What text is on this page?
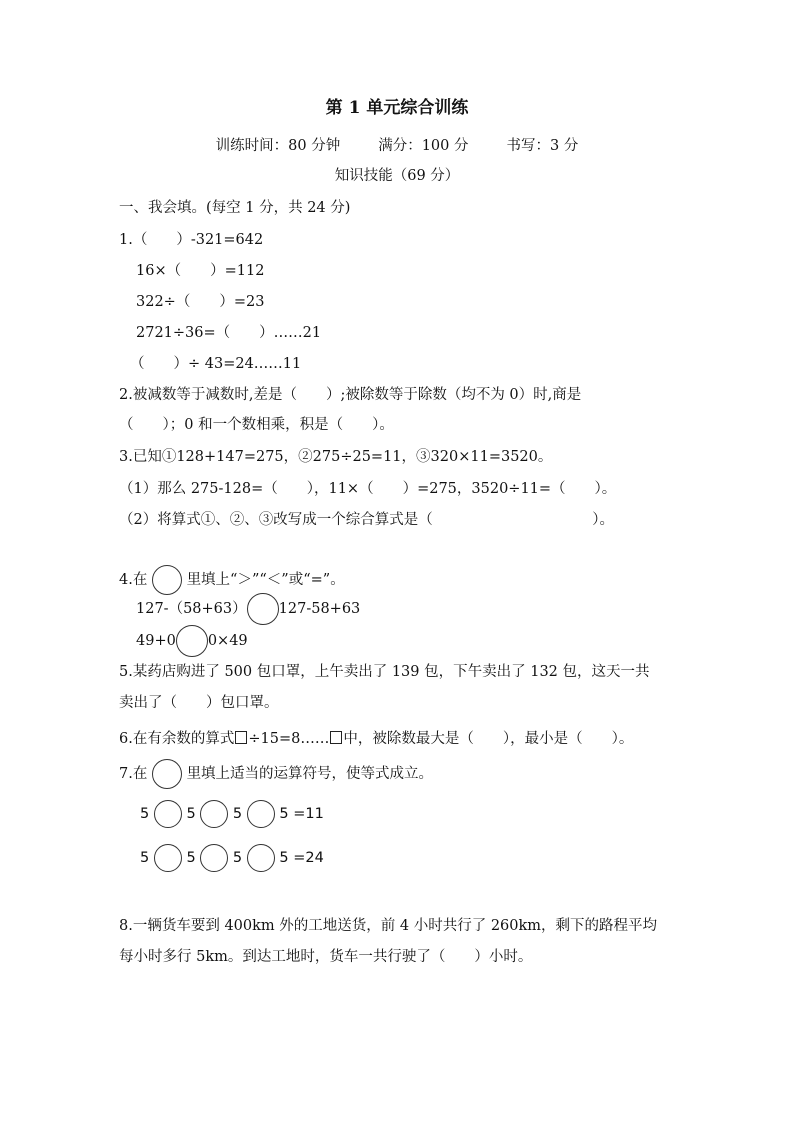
第 1 单元综合训练
训练时间：80 分钟	满分：100 分	书写：3 分
知识技能（69 分）
一、我会填。(每空 1 分，共 24 分)
1.（　　）-321=642
16×（　　）=112
322÷（　　）=23
2721÷36=（　　）……21
（　　）÷ 43=24……11
2.被减数等于减数时,差是（　　）;被除数等于除数（均不为 0）时,商是
（　　）；0 和一个数相乘，积是（　　）。
3.已知①128+147=275，②275÷25=11，③320×11=3520。
（1）那么 275-128=（　　），11×（　　）=275，3520÷11=（　　）。
（2）将算式①、②、③改写成一个综合算式是（　　　　　　　　　　　）。
4.在	里填上“＞”“＜”或“=”。
127-（58+63） 127-58+63
49+0 0×49
5.某药店购进了 500 包口罩，上午卖出了 139 包，下午卖出了 132 包，这天一共
卖出了（　　）包口罩。
6.在有余数的算式 ÷15=8…… 中，被除数最大是（　　），最小是（　　）。
7.在	里填上适当的运算符号，使等式成立。
5	5	5	5 =11
5	5	5	5 =24
8.一辆货车要到 400km 外的工地送货，前 4 小时共行了 260km，剩下的路程平均
每小时多行 5km。到达工地时，货车一共行驶了（　　）小时。
